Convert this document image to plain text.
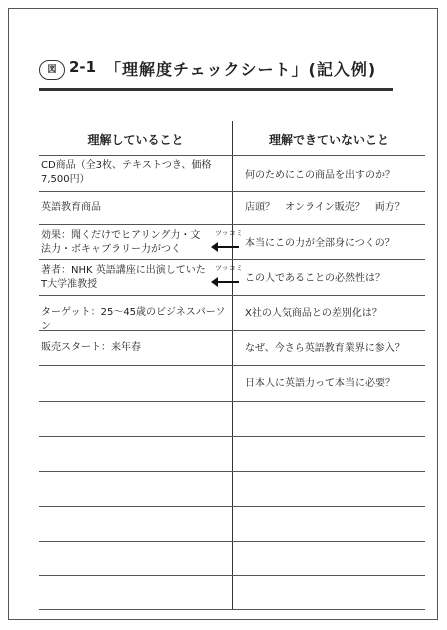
図 2-1 「理解度チェックシート」(記入例)
理解していること	理解できていないこと
CD商品（全3枚、テキストつき、価格7,500円）
英語教育商品
効果：聞くだけでヒアリング力・文法力・ボキャブラリー力がつく
著者：NHK 英語講座に出演していた T大学准教授
ターゲット：25～45歳のビジネスパーソン
販売スタート：来年春
何のためにこの商品を出すのか？
店頭？　オンライン販売？　両方？
本当にこの力が全部身につくの？
この人であることの必然性は？
X社の人気商品との差別化は？
なぜ、今さら英語教育業界に参入？
日本人に英語力って本当に必要？
ツッコミ
ツッコミ
